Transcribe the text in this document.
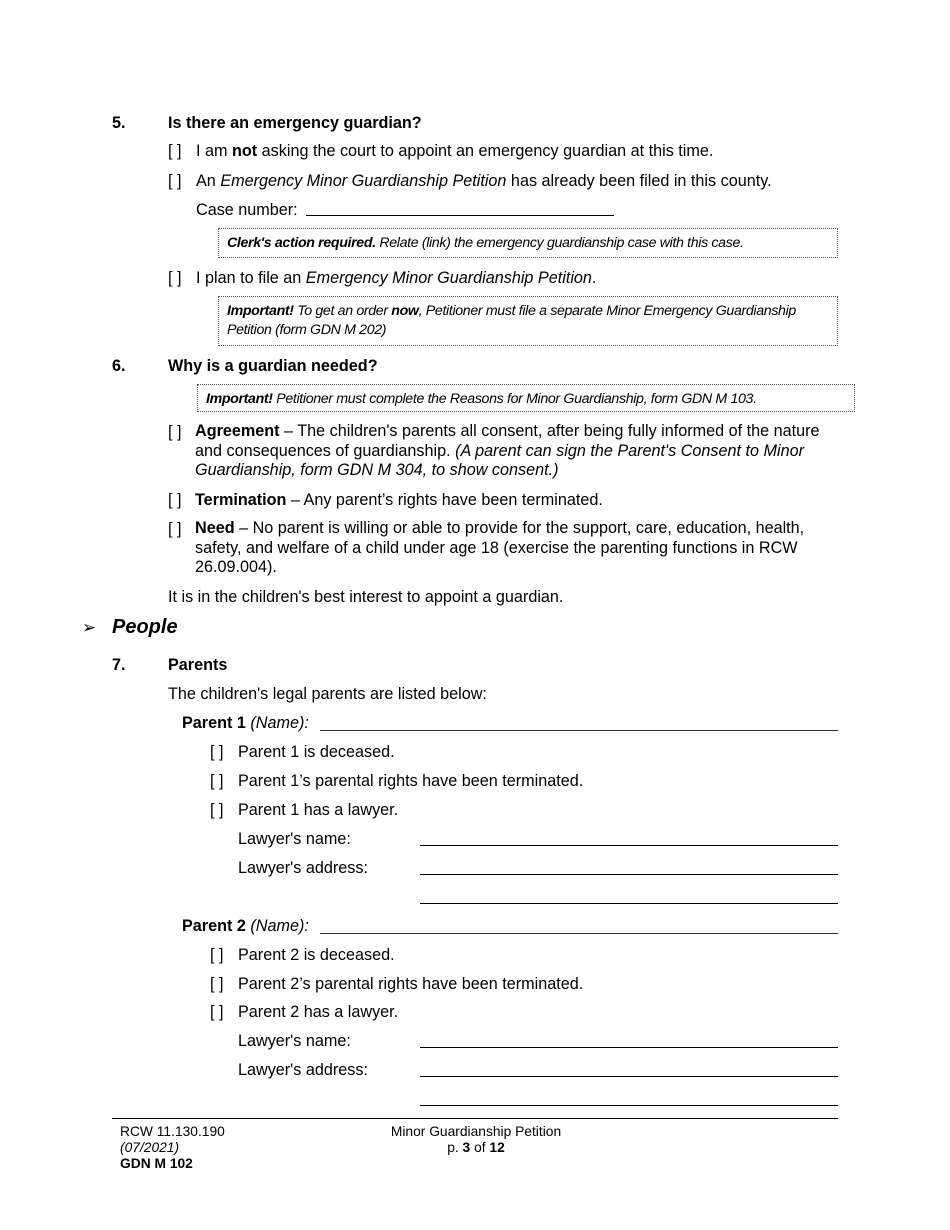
5.	Is there an emergency guardian?
[ ] I am not asking the court to appoint an emergency guardian at this time.
[ ] An Emergency Minor Guardianship Petition has already been filed in this county.
Case number:
Clerk's action required. Relate (link) the emergency guardianship case with this case.
[ ] I plan to file an Emergency Minor Guardianship Petition.
Important! To get an order now, Petitioner must file a separate Minor Emergency Guardianship Petition (form GDN M 202)
6.	Why is a guardian needed?
Important! Petitioner must complete the Reasons for Minor Guardianship, form GDN M 103.
[ ] Agreement – The children's parents all consent, after being fully informed of the nature and consequences of guardianship. (A parent can sign the Parent's Consent to Minor Guardianship, form GDN M 304, to show consent.)
[ ] Termination – Any parent’s rights have been terminated.
[ ] Need – No parent is willing or able to provide for the support, care, education, health, safety, and welfare of a child under age 18 (exercise the parenting functions in RCW 26.09.004).
It is in the children's best interest to appoint a guardian.
➢ People
7.	Parents
The children's legal parents are listed below:
Parent 1 (Name):
[ ] Parent 1 is deceased.
[ ] Parent 1’s parental rights have been terminated.
[ ] Parent 1 has a lawyer.
Lawyer's name:
Lawyer's address:
Parent 2 (Name):
[ ] Parent 2 is deceased.
[ ] Parent 2’s parental rights have been terminated.
[ ] Parent 2 has a lawyer.
Lawyer's name:
Lawyer's address:
RCW 11.130.190
(07/2021)
GDN M 102
Minor Guardianship Petition
p. 3 of 12
